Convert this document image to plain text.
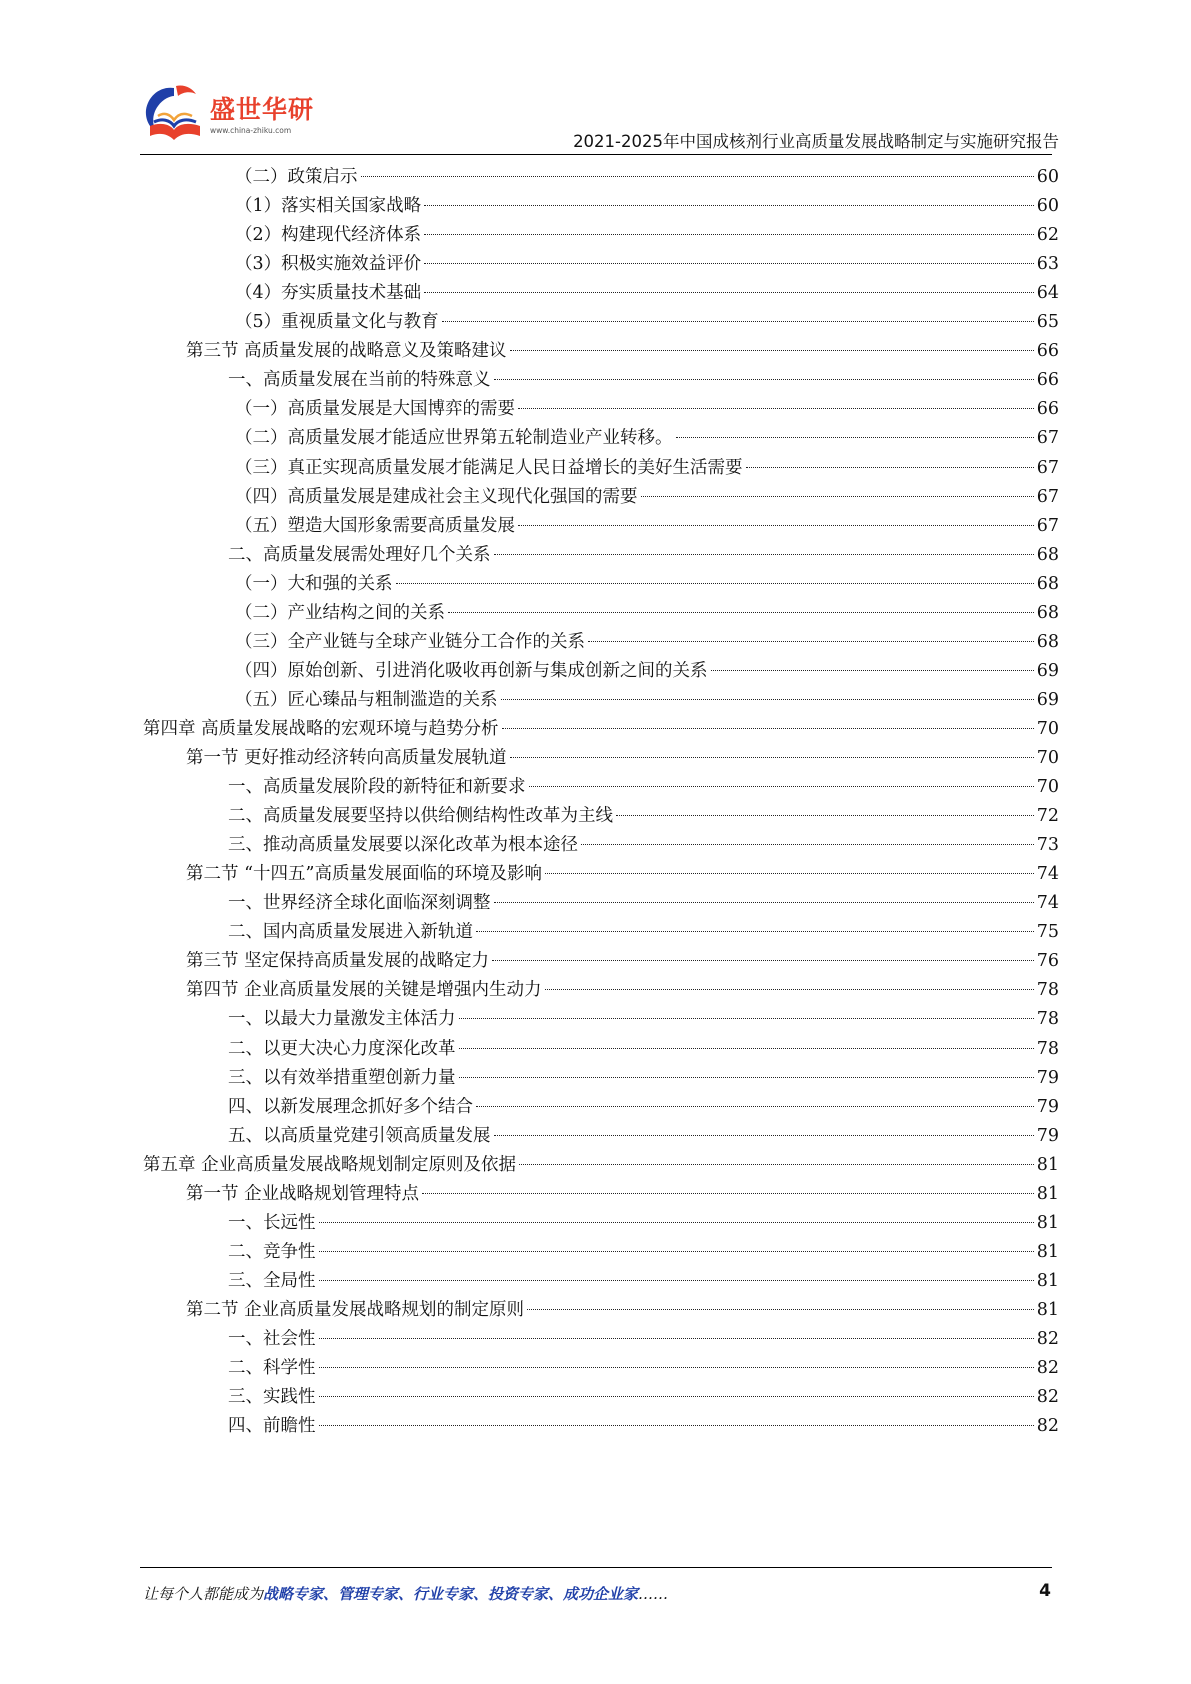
盛世华研
www.china-zhiku.com
2021-2025年中国成核剂行业高质量发展战略制定与实施研究报告
（二）政策启示	60
（1）落实相关国家战略	60
（2）构建现代经济体系	62
（3）积极实施效益评价	63
（4）夯实质量技术基础	64
（5）重视质量文化与教育	65
第三节 高质量发展的战略意义及策略建议	66
一、高质量发展在当前的特殊意义	66
（一）高质量发展是大国博弈的需要	66
（二）高质量发展才能适应世界第五轮制造业产业转移。	67
（三）真正实现高质量发展才能满足人民日益增长的美好生活需要	67
（四）高质量发展是建成社会主义现代化强国的需要	67
（五）塑造大国形象需要高质量发展	67
二、高质量发展需处理好几个关系	68
（一）大和强的关系	68
（二）产业结构之间的关系	68
（三）全产业链与全球产业链分工合作的关系	68
（四）原始创新、引进消化吸收再创新与集成创新之间的关系	69
（五）匠心臻品与粗制滥造的关系	69
第四章 高质量发展战略的宏观环境与趋势分析	70
第一节 更好推动经济转向高质量发展轨道	70
一、高质量发展阶段的新特征和新要求	70
二、高质量发展要坚持以供给侧结构性改革为主线	72
三、推动高质量发展要以深化改革为根本途径	73
第二节 “十四五”高质量发展面临的环境及影响	74
一、世界经济全球化面临深刻调整	74
二、国内高质量发展进入新轨道	75
第三节 坚定保持高质量发展的战略定力	76
第四节 企业高质量发展的关键是增强内生动力	78
一、以最大力量激发主体活力	78
二、以更大决心力度深化改革	78
三、以有效举措重塑创新力量	79
四、以新发展理念抓好多个结合	79
五、以高质量党建引领高质量发展	79
第五章 企业高质量发展战略规划制定原则及依据	81
第一节 企业战略规划管理特点	81
一、长远性	81
二、竞争性	81
三、全局性	81
第二节 企业高质量发展战略规划的制定原则	81
一、社会性	82
二、科学性	82
三、实践性	82
四、前瞻性	82
让每个人都能成为战略专家、管理专家、行业专家、投资专家、成功企业家……	4
